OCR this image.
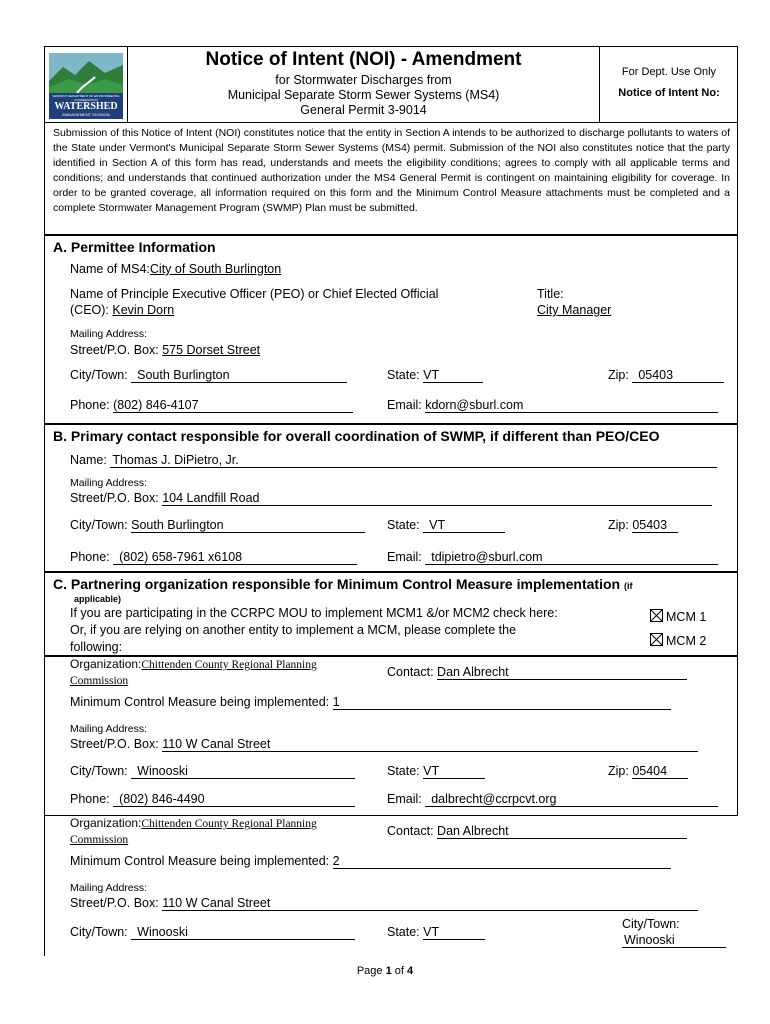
VERMONT DEPARTMENT OF ENVIRONMENTAL CONSERVATION
WATERSHED
MANAGEMENT DIVISION
Notice of Intent (NOI) - Amendment
for Stormwater Discharges from
Municipal Separate Storm Sewer Systems (MS4)
General Permit 3-9014
For Dept. Use Only
Notice of Intent No:
Submission of this Notice of Intent (NOI) constitutes notice that the entity in Section A intends to be authorized to discharge pollutants to waters of the State under Vermont's Municipal Separate Storm Sewer Systems (MS4) permit. Submission of the NOI also constitutes notice that the party identified in Section A of this form has read, understands and meets the eligibility conditions; agrees to comply with all applicable terms and conditions; and understands that continued authorization under the MS4 General Permit is contingent on maintaining eligibility for coverage. In order to be granted coverage, all information required on this form and the Minimum Control Measure attachments must be completed and a complete Stormwater Management Program (SWMP) Plan must be submitted.
A. Permittee Information
Name of MS4:City of South Burlington
Name of Principle Executive Officer (PEO) or Chief Elected Official
(CEO): Kevin Dorn
Title:
City Manager
Mailing Address:
Street/P.O. Box: 575 Dorset Street
City/Town: South Burlington	State: VT	Zip: 05403
Phone: (802) 846-4107	Email: kdorn@sburl.com
B. Primary contact responsible for overall coordination of SWMP, if different than PEO/CEO
Name: Thomas J. DiPietro, Jr.
Mailing Address:
Street/P.O. Box: 104 Landfill Road
City/Town: South Burlington	State: VT	Zip: 05403
Phone: (802) 658-7961 x6108	Email: tdipietro@sburl.com
C. Partnering organization responsible for Minimum Control Measure implementation (if
applicable)
If you are participating in the CCRPC MOU to implement MCM1 &/or MCM2 check here:
Or, if you are relying on another entity to implement a MCM, please complete the
following:
MCM 1
MCM 2
Organization:Chittenden County Regional Planning
Commission
Contact: Dan Albrecht
Minimum Control Measure being implemented: 1
Mailing Address:
Street/P.O. Box: 110 W Canal Street
City/Town: Winooski	State: VT	Zip: 05404
Phone: (802) 846-4490	Email: dalbrecht@ccrpcvt.org
Organization:Chittenden County Regional Planning
Commission
Contact: Dan Albrecht
Minimum Control Measure being implemented: 2
Mailing Address:
Street/P.O. Box: 110 W Canal Street
City/Town: Winooski	State: VT
City/Town:
Winooski
Page 1 of 4
